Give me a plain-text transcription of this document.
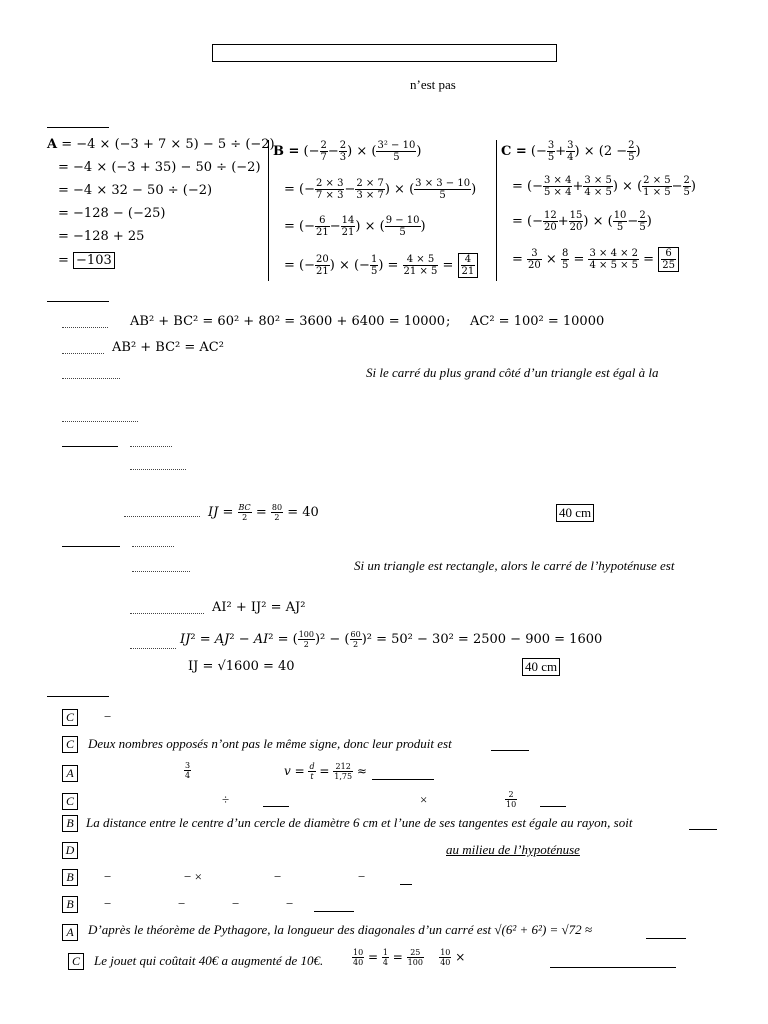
n’est pas
A = −4 × (−3 + 7 × 5) − 5 ÷ (−2)
= −4 × (−3 + 35) − 50 ÷ (−2)
= −4 × 32 − 50 ÷ (−2)
= −128 − (−25)
= −128 + 25
= −103
B = (− $\frac{2}{7} - \frac{2}{3}$ ) × ( $\frac{\text{3² − 10}}{5}$ )
= (− $\frac{2 \times 3}{7 \times 3} - \frac{2 \times 7}{3 \times 7}$ ) × ( $\frac{3 \times 3 - 10}{5}$ )
= (− $\frac{6}{21} - \frac{14}{21}$ ) × ( $\frac{9 - 10}{5}$ )
= (− $\frac{20}{21}$ ) × (− $\frac{1}{5}$ ) = $\frac{4 \times 5}{21 \times 5} = \frac{4}{21}$
C = (− $\frac{3}{5} + \frac{3}{4}$ ) × ($2 - \frac{2}{5}$ )
= (− $\frac{3 \times 4}{5 \times 4} + \frac{3 \times 5}{4 \times 5}$ ) × ( $\frac{2 \times 5}{1 \times 5} - \frac{2}{5}$ )
= (− $\frac{12}{20} + \frac{15}{20}$ ) × ( $\frac{10}{5} - \frac{2}{5}$ )
= $\frac{3}{20} \times \frac{8}{5} = \frac{3 \times 4 \times 2}{4 \times 5 \times 5} = \frac{6}{25}$
AB² + BC² = 60² + 80² = 3600 + 6400 = 10000 ; AC² = 100² = 10000
AB² + BC² = AC²
Si le carré du plus grand côté d’un triangle est égal à la
IJ = $\frac{BC}{2} = \frac{80}{2} = 40$	40 cm
Si un triangle est rectangle, alors le carré de l’hypoténuse est
AI² + IJ² = AJ²
IJ² = AJ² − AI² = ( $\frac{100}{2} )^2$ − ( $\frac{60}{2} )^2 = 50^2 - 30^2 = 2500 - 900 = 1600$
IJ = √1600 = 40	40 cm
C	−
C	Deux nombres opposés n’ont pas le même signe, donc leur produit est
A	$\frac{3}{4}$	$v = \frac{d}{t} = \frac{212}{1,75}$ ≈
C	÷	×	$\frac{2}{10}$
B La distance entre le centre d’un cercle de diamètre 6 cm et l’une de ses tangentes est égale au rayon, soit
D	au milieu de l’hypoténuse
B	−	− ×	−	−
B	−	−	−	−
A	D’après le théorème de Pythagore, la longueur des diagonales d’un carré est √(6² + 6²) = √72 ≈
C	Le jouet qui coûtait 40€ a augmenté de 10€.	$\frac{10}{40} = \frac{1}{4} = \frac{25}{100}$
$\frac{10}{40}$ ×
